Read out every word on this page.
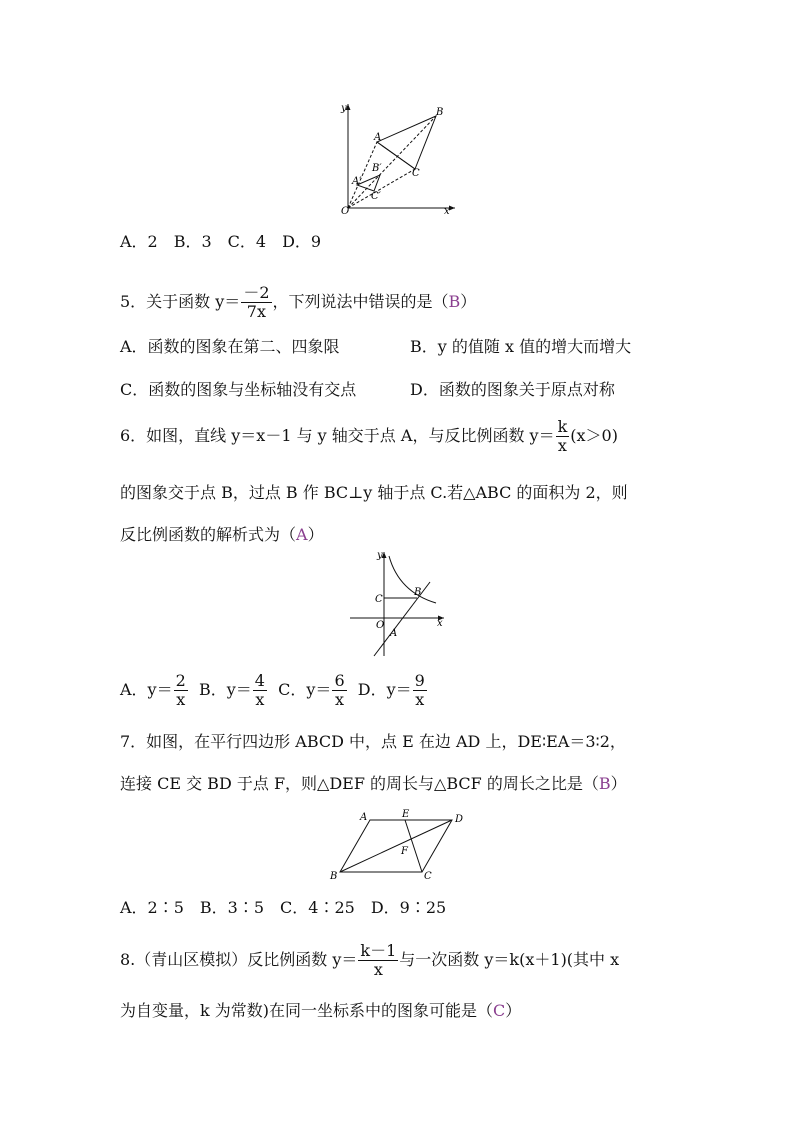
y
x
O
A
B
C
A′
B′
C′
A．2　B．3　C．4　D．9
5．关于函数 $y= \frac{-2}{7x}$ ，下列说法中错误的是（B）
A．函数的图象在第二、四象限	B．y 的值随 x 值的增大而增大
C．函数的图象与坐标轴没有交点	D．函数的图象关于原点对称
6．如图，直线 y＝x－1 与 y 轴交于点 A，与反比例函数 $y= \frac{k}{x} (x>0)$
的图象交于点 B，过点 B 作 BC⊥y 轴于点 C.若△ABC 的面积为 2，则
反比例函数的解析式为（A）
y
x
O
A
B
C
A．$y= \frac{2}{x}$ B．$y= \frac{4}{x}$ C．$y= \frac{6}{x}$ D．$y= \frac{9}{x}$
7．如图，在平行四边形 ABCD 中，点 E 在边 AD 上，DE∶EA＝3∶2，
连接 CE 交 BD 于点 F，则△DEF 的周长与△BCF 的周长之比是（B）
A	E	D
F
B	C
A．2∶5　B．3∶5　C．4∶25　D．9∶25
8.（青山区模拟）反比例函数 $y= \frac{k-1}{x}$ 与一次函数 y＝k(x＋1)(其中 x
为自变量，k 为常数)在同一坐标系中的图象可能是（C）
